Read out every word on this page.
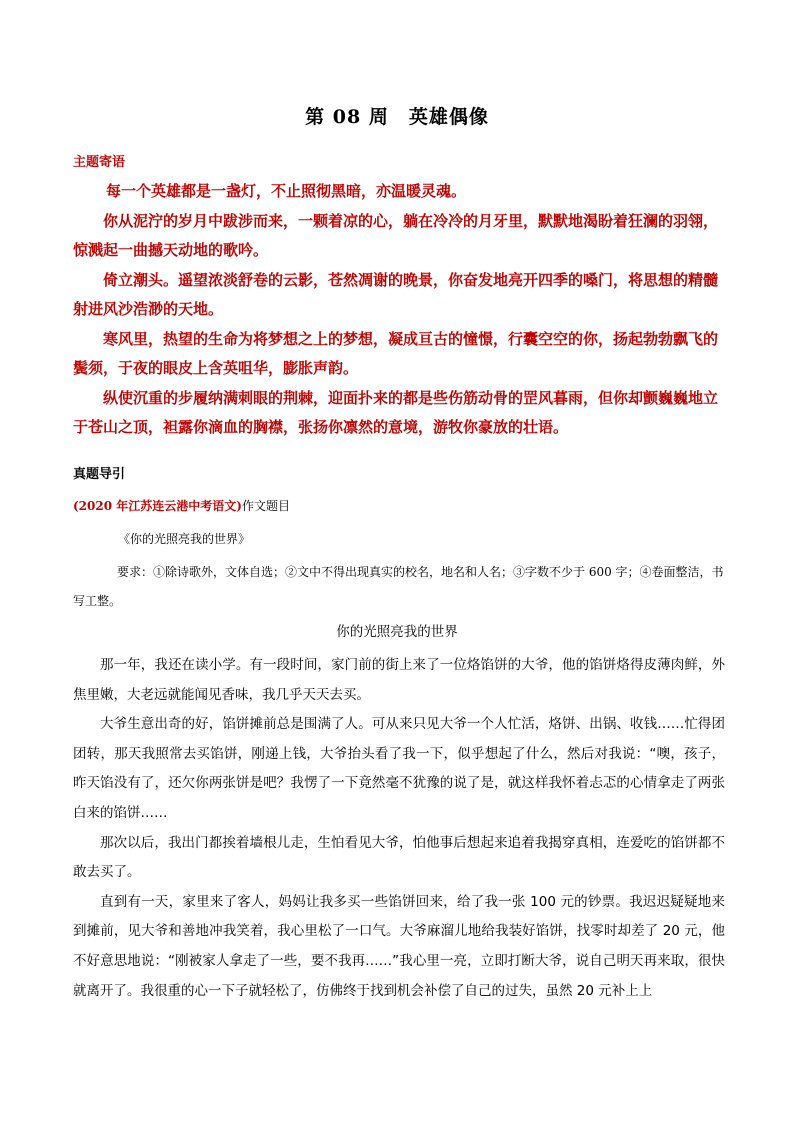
第 08 周 英雄偶像
主题寄语

每一个英雄都是一盏灯，不止照彻黑暗，亦温暖灵魂。

你从泥泞的岁月中跋涉而来，一颗着凉的心，躺在冷冷的月牙里，默默地渴盼着狂澜的羽翎，惊溅起一曲撼天动地的歌吟。

倚立潮头。遥望浓淡舒卷的云影，苍然凋谢的晚景，你奋发地亮开四季的嗓门，将思想的精髓射进风沙浩渺的天地。

寒风里，热望的生命为将梦想之上的梦想，凝成亘古的憧憬，行囊空空的你，扬起勃勃飘飞的鬓须，于夜的眼皮上含英咀华，膨胀声韵。

纵使沉重的步履纳满刺眼的荆棘，迎面扑来的都是些伤筋动骨的罡风暮雨，但你却颤巍巍地立于苍山之顶，袒露你滴血的胸襟，张扬你凛然的意境，游牧你豪放的壮语。

真题导引
(2020 年江苏连云港中考语文)作文题目
《你的光照亮我的世界》
要求：①除诗歌外，文体自选；②文中不得出现真实的校名，地名和人名；③字数不少于 600 字；④卷面整洁，书写工整。
你的光照亮我的世界

那一年，我还在读小学。有一段时间，家门前的街上来了一位烙馅饼的大爷，他的馅饼烙得皮薄肉鲜，外焦里嫩，大老远就能闻见香味，我几乎天天去买。

大爷生意出奇的好，馅饼摊前总是围满了人。可从来只见大爷一个人忙活，烙饼、出锅、收钱……忙得团团转，那天我照常去买馅饼，刚递上钱，大爷抬头看了我一下，似乎想起了什么，然后对我说：“噢，孩子，昨天馅没有了，还欠你两张饼是吧？我愣了一下竟然毫不犹豫的说了是，就这样我怀着忐忑的心情拿走了两张白来的馅饼……

那次以后，我出门都挨着墙根儿走，生怕看见大爷，怕他事后想起来追着我揭穿真相，连爱吃的馅饼都不敢去买了。

直到有一天，家里来了客人，妈妈让我多买一些馅饼回来，给了我一张 100 元的钞票。我迟迟疑疑地来到摊前，见大爷和善地冲我笑着，我心里松了一口气。大爷麻溜儿地给我装好馅饼，找零时却差了 20 元，他不好意思地说：“刚被家人拿走了一些，要不我再……”我心里一亮，立即打断大爷，说自己明天再来取，很快就离开了。我很重的心一下子就轻松了，仿佛终于找到机会补偿了自己的过失，虽然 20 元补上上
